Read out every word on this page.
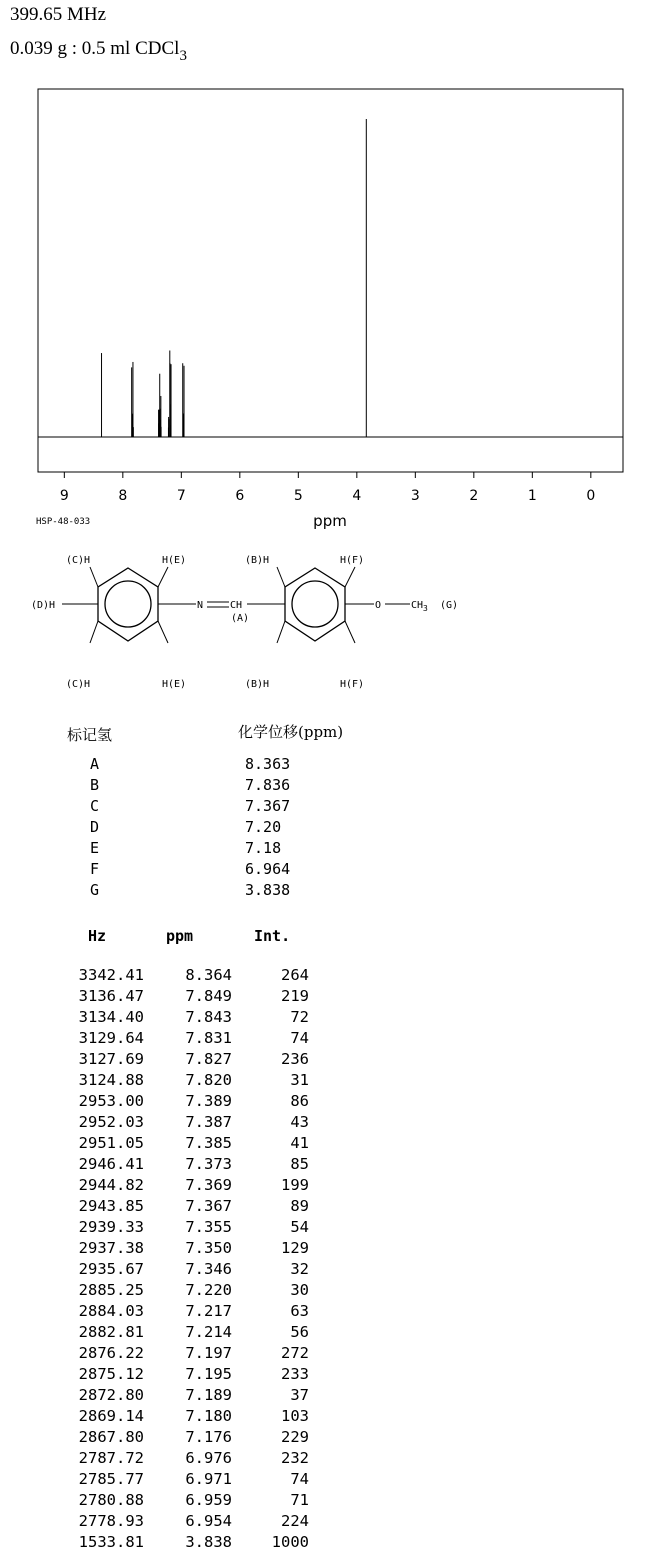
399.65 MHz
0.039 g : 0.5 ml CDCl$_3$
9	8	7	6	5	4	3	2	1	0
ppm
HSP-48-033
(C)H	H(E)	(B)H	H(F)
(D)H	N	CH
(A)
O	$CH_3$ (G)
(C)H	H(E)	(B)H	H(F)
标记氢	化学位移(ppm)
A	8.363
B	7.836
C	7.367
D	7.20
E	7.18
F	6.964
G	3.838
Hz	ppm	Int.
3342.41	8.364	264
3136.47	7.849	219
3134.40	7.843	72
3129.64	7.831	74
3127.69	7.827	236
3124.88	7.820	31
2953.00	7.389	86
2952.03	7.387	43
2951.05	7.385	41
2946.41	7.373	85
2944.82	7.369	199
2943.85	7.367	89
2939.33	7.355	54
2937.38	7.350	129
2935.67	7.346	32
2885.25	7.220	30
2884.03	7.217	63
2882.81	7.214	56
2876.22	7.197	272
2875.12	7.195	233
2872.80	7.189	37
2869.14	7.180	103
2867.80	7.176	229
2787.72	6.976	232
2785.77	6.971	74
2780.88	6.959	71
2778.93	6.954	224
1533.81	3.838	1000
